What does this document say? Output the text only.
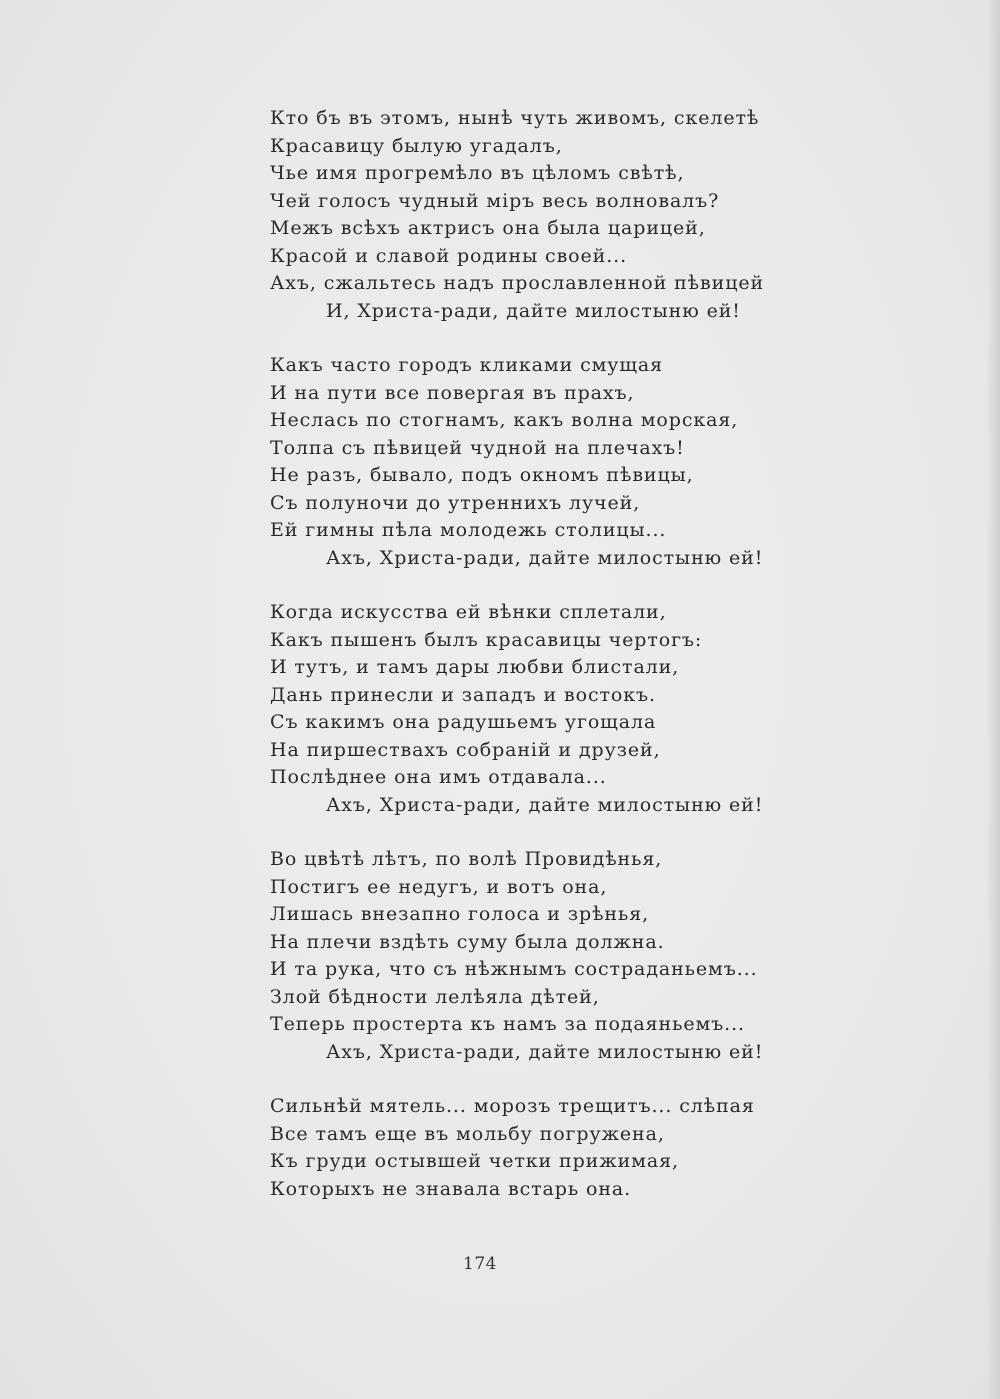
Кто бъ въ этомъ, нынѣ чуть живомъ, скелетѣ
Красавицу былую угадалъ,
Чье имя прогремѣло въ цѣломъ свѣтѣ,
Чей голосъ чудный міръ весь волновалъ?
Межъ всѣхъ актрисъ она была царицей,
Красой и славой родины своей...
Ахъ, сжальтесь надъ прославленной пѣвицей
И, Христа-ради, дайте милостыню ей!
Какъ часто городъ кликами смущая
И на пути все повергая въ прахъ,
Неслась по стогнамъ, какъ волна морская,
Толпа съ пѣвицей чудной на плечахъ!
Не разъ, бывало, подъ окномъ пѣвицы,
Съ полуночи до утреннихъ лучей,
Ей гимны пѣла молодежь столицы...
Ахъ, Христа-ради, дайте милостыню ей!
Когда искусства ей вѣнки сплетали,
Какъ пышенъ былъ красавицы чертогъ:
И тутъ, и тамъ дары любви блистали,
Дань принесли и западъ и востокъ.
Съ какимъ она радушьемъ угощала
На пиршествахъ собраній и друзей,
Послѣднее она имъ отдавала...
Ахъ, Христа-ради, дайте милостыню ей!
Во цвѣтѣ лѣтъ, по волѣ Провидѣнья,
Постигъ ее недугъ, и вотъ она,
Лишась внезапно голоса и зрѣнья,
На плечи вздѣть суму была должна.
И та рука, что съ нѣжнымъ состраданьемъ...
Злой бѣдности лелѣяла дѣтей,
Теперь простерта къ намъ за подаяньемъ...
Ахъ, Христа-ради, дайте милостыню ей!
Сильнѣй мятель... морозъ трещитъ... слѣпая
Все тамъ еще въ мольбу погружена,
Къ груди остывшей четки прижимая,
Которыхъ не знавала встарь она.
174
